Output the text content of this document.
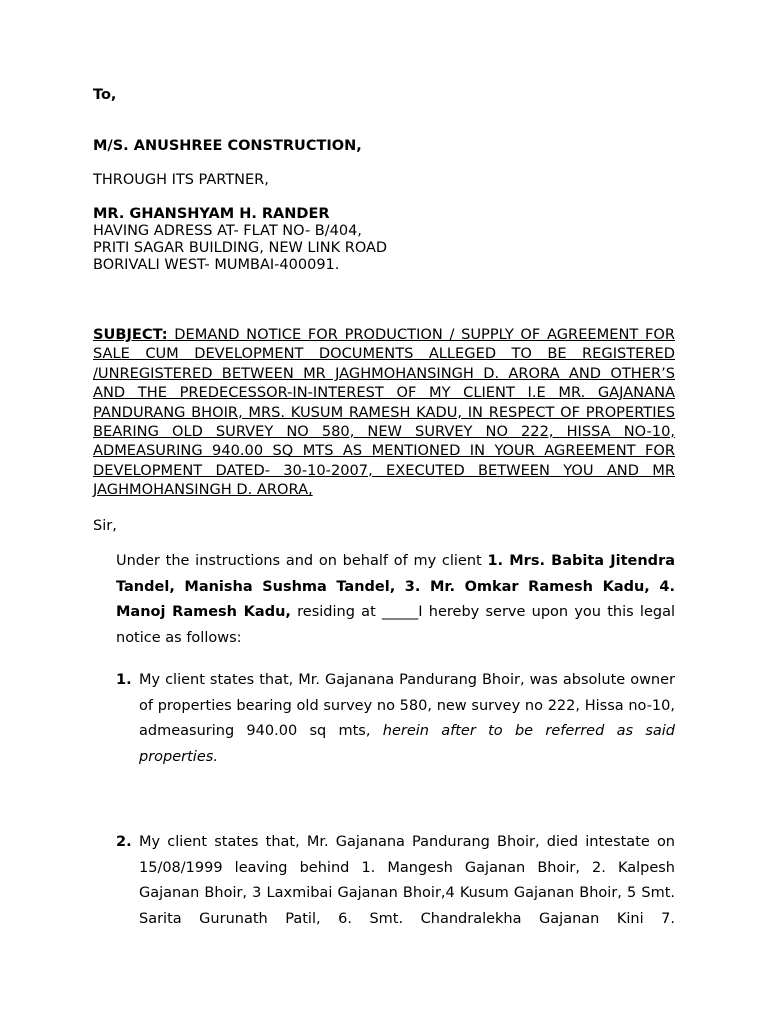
To,
M/S. ANUSHREE CONSTRUCTION,
THROUGH ITS PARTNER,
MR. GHANSHYAM H. RANDER
HAVING ADRESS AT- FLAT NO- B/404,
PRITI SAGAR BUILDING, NEW LINK ROAD
BORIVALI WEST- MUMBAI-400091.
SUBJECT: DEMAND NOTICE FOR PRODUCTION / SUPPLY OF AGREEMENT FOR SALE CUM DEVELOPMENT DOCUMENTS ALLEGED TO BE REGISTERED /UNREGISTERED BETWEEN MR JAGHMOHANSINGH D. ARORA AND OTHER’S AND THE PREDECESSOR-IN-INTEREST OF MY CLIENT I.E MR. GAJANANA PANDURANG BHOIR, MRS. KUSUM RAMESH KADU, IN RESPECT OF PROPERTIES BEARING OLD SURVEY NO 580, NEW SURVEY NO 222, HISSA NO-10, ADMEASURING 940.00 SQ MTS AS MENTIONED IN YOUR AGREEMENT FOR DEVELOPMENT DATED- 30-10-2007, EXECUTED BETWEEN YOU AND MR JAGHMOHANSINGH D. ARORA,
Sir,
Under the instructions and on behalf of my client 1. Mrs. Babita Jitendra Tandel, Manisha Sushma Tandel, 3. Mr. Omkar Ramesh Kadu, 4. Manoj Ramesh Kadu, residing at _____I hereby serve upon you this legal notice as follows:
1. My client states that, Mr. Gajanana Pandurang Bhoir, was absolute owner of properties bearing old survey no 580, new survey no 222, Hissa no-10, admeasuring 940.00 sq mts, herein after to be referred as said properties.
2. My client states that, Mr. Gajanana Pandurang Bhoir, died intestate on 15/08/1999 leaving behind 1. Mangesh Gajanan Bhoir, 2. Kalpesh Gajanan Bhoir, 3 Laxmibai Gajanan Bhoir,4 Kusum Gajanan Bhoir, 5 Smt. Sarita Gurunath Patil, 6. Smt. Chandralekha Gajanan Kini 7.
